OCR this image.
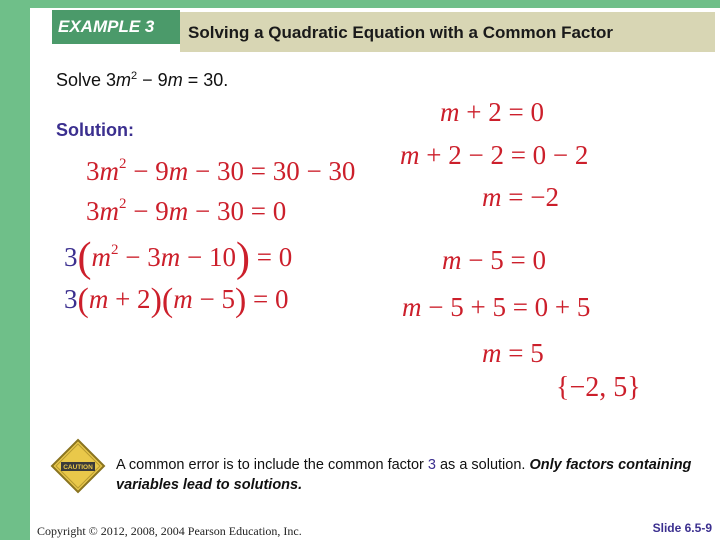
EXAMPLE 3	Solving a Quadratic Equation with a Common Factor
Solve $3m^2 - 9m = 30$.
Solution:
$3m^2 - 9m - 30 = 30 - 30$
$3m^2 - 9m - 30 = 0$
$3(m^2 - 3m - 10) = 0$
3(m + 2)(m − 5) = 0
m + 2 = 0
m + 2 − 2 = 0 − 2
m = −2
m − 5 = 0
m − 5 + 5 = 0 + 5
m = 5
{−2, 5}
CAUTION A common error is to include the common factor 3 as a solution. Only factors containing variables lead to solutions.
Copyright © 2012, 2008, 2004 Pearson Education, Inc.	Slide 6.5-9
